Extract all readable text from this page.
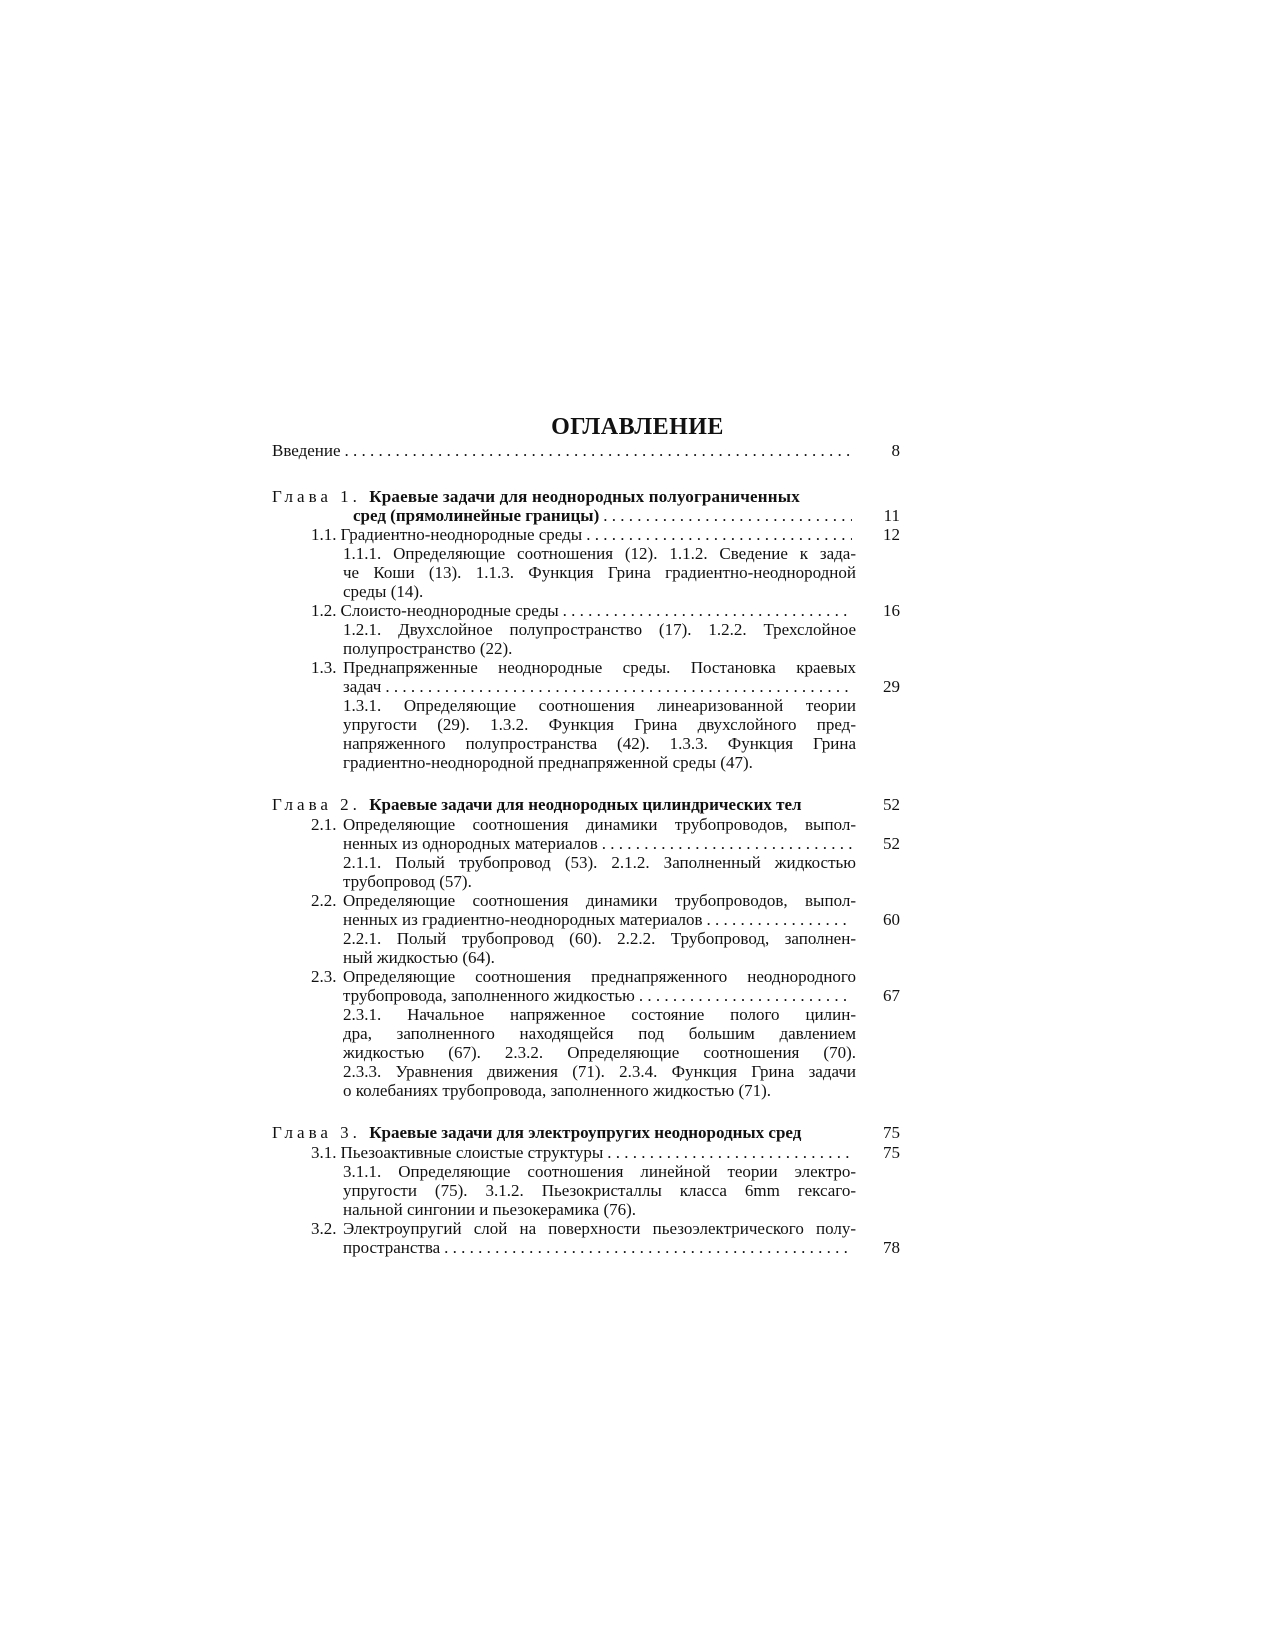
ОГЛАВЛЕНИЕ
Введение . . .	8
Глава 1. Краевые задачи для неоднородных полуограниченных
сред (прямолинейные границы) . . .	11
1.1. Градиентно-неоднородные среды . . .	12
1.1.1. Определяющие соотношения (12). 1.1.2. Сведение к зада-
че Коши (13). 1.1.3. Функция Грина градиентно-неоднородной
среды (14).
1.2. Слоисто-неоднородные среды . . .	16
1.2.1. Двухслойное полупространство (17). 1.2.2. Трехслойное
полупространство (22).
1.3. Преднапряженные неоднородные среды. Постановка краевых
задач . . .	29
1.3.1. Определяющие соотношения линеаризованной теории
упругости (29). 1.3.2. Функция Грина двухслойного пред-
напряженного полупространства (42). 1.3.3. Функция Грина
градиентно-неоднородной преднапряженной среды (47).
Глава 2. Краевые задачи для неоднородных цилиндрических тел	52
2.1. Определяющие соотношения динамики трубопроводов, выпол-
ненных из однородных материалов . . .	52
2.1.1. Полый трубопровод (53). 2.1.2. Заполненный жидкостью
трубопровод (57).
2.2. Определяющие соотношения динамики трубопроводов, выпол-
ненных из градиентно-неоднородных материалов . . .	60
2.2.1. Полый трубопровод (60). 2.2.2. Трубопровод, заполнен-
ный жидкостью (64).
2.3. Определяющие соотношения преднапряженного неоднородного
трубопровода, заполненного жидкостью . . .	67
2.3.1. Начальное напряженное состояние полого цилин-
дра, заполненного находящейся под большим давлением
жидкостью (67). 2.3.2. Определяющие соотношения (70).
2.3.3. Уравнения движения (71). 2.3.4. Функция Грина задачи
о колебаниях трубопровода, заполненного жидкостью (71).
Глава 3. Краевые задачи для электроупругих неоднородных сред	75
3.1. Пьезоактивные слоистые структуры . . .	75
3.1.1. Определяющие соотношения линейной теории электро-
упругости (75). 3.1.2. Пьезокристаллы класса 6mm гексаго-
нальной сингонии и пьезокерамика (76).
3.2. Электроупругий слой на поверхности пьезоэлектрического полу-
пространства . . .	78
